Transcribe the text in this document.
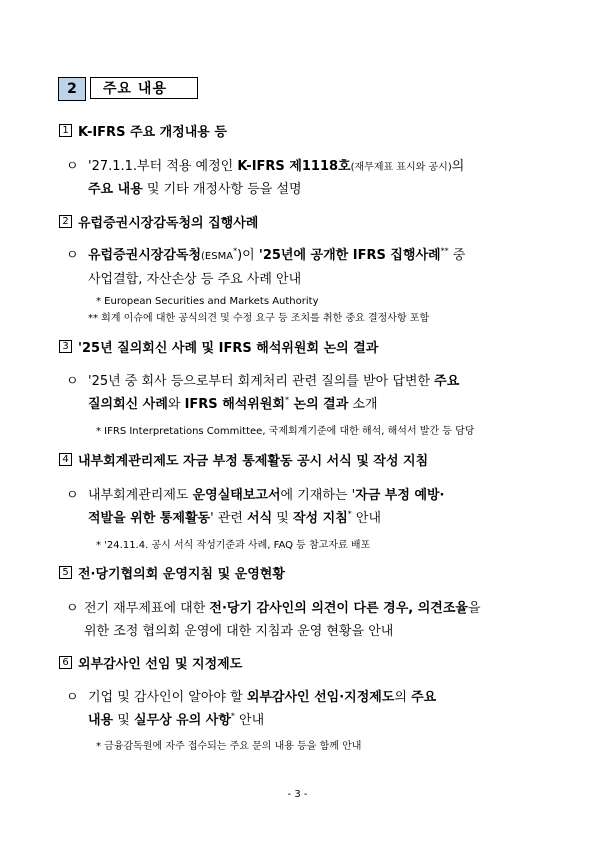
2	주요 내용
1 K-IFRS 주요 개정내용 등
ㅇ '27.1.1.부터 적용 예정인 K-IFRS 제1118호(재무제표 표시와 공시)의
주요 내용 및 기타 개정사항 등을 설명
2 유럽증권시장감독청의 집행사례
ㅇ 유럽증권시장감독청(ESMA*)이 '25년에 공개한 IFRS 집행사례** 중
사업결합, 자산손상 등 주요 사례 안내
* European Securities and Markets Authority
** 회계 이슈에 대한 공식의견 및 수정 요구 등 조치를 취한 중요 결정사항 포함
3 '25년 질의회신 사례 및 IFRS 해석위원회 논의 결과
ㅇ '25년 중 회사 등으로부터 회계처리 관련 질의를 받아 답변한 주요
질의회신 사례와 IFRS 해석위원회* 논의 결과 소개
* IFRS Interpretations Committee, 국제회계기준에 대한 해석, 해석서 발간 등 담당
4 내부회계관리제도 자금 부정 통제활동 공시 서식 및 작성 지침
ㅇ 내부회계관리제도 운영실태보고서에 기재하는 '자금 부정 예방·
적발을 위한 통제활동' 관련 서식 및 작성 지침* 안내
* '24.11.4. 공시 서식 작성기준과 사례, FAQ 등 참고자료 배포
5 전·당기협의회 운영지침 및 운영현황
ㅇ 전기 재무제표에 대한 전·당기 감사인의 의견이 다른 경우, 의견조율을
위한 조정 협의회 운영에 대한 지침과 운영 현황을 안내
6 외부감사인 선임 및 지정제도
ㅇ 기업 및 감사인이 알아야 할 외부감사인 선임·지정제도의 주요
내용 및 실무상 유의 사항* 안내
* 금융감독원에 자주 접수되는 주요 문의 내용 등을 함께 안내
- 3 -
